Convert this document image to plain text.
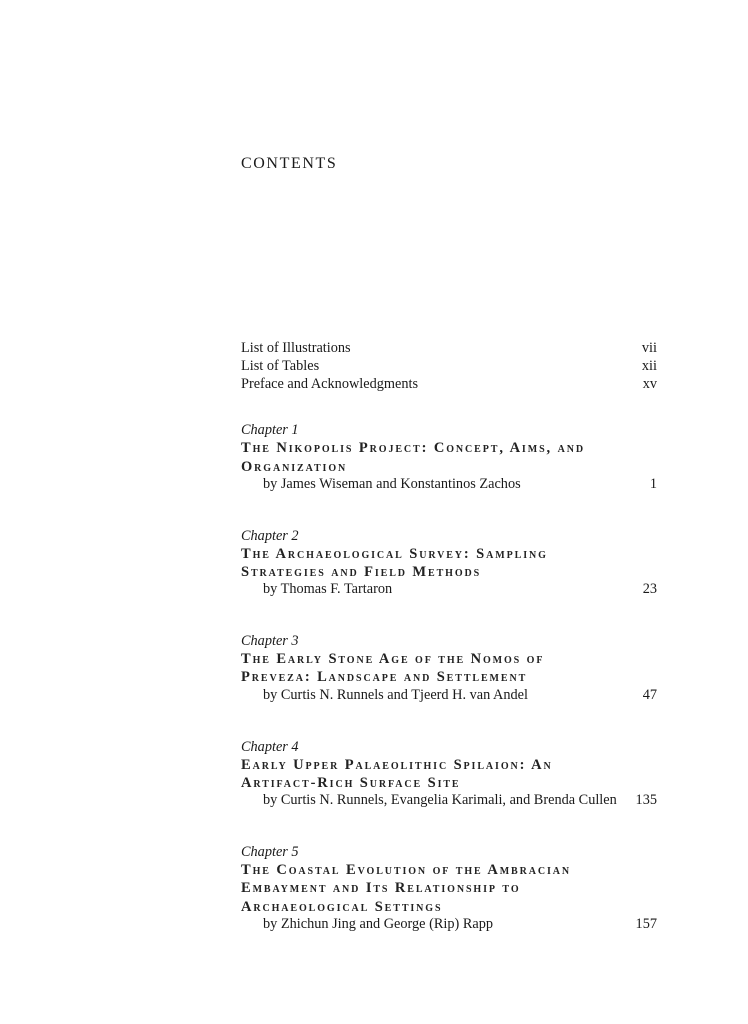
CONTENTS
List of Illustrations	vii
List of Tables	xii
Preface and Acknowledgments	xv
Chapter 1
The Nikopolis Project: Concept, Aims, and
Organization
by James Wiseman and Konstantinos Zachos	1
Chapter 2
The Archaeological Survey: Sampling
Strategies and Field Methods
by Thomas F. Tartaron	23
Chapter 3
The Early Stone Age of the Nomos of
Preveza: Landscape and Settlement
by Curtis N. Runnels and Tjeerd H. van Andel	47
Chapter 4
Early Upper Palaeolithic Spilaion: An
Artifact-Rich Surface Site
by Curtis N. Runnels, Evangelia Karimali, and Brenda Cullen	135
Chapter 5
The Coastal Evolution of the Ambracian
Embayment and Its Relationship to
Archaeological Settings
by Zhichun Jing and George (Rip) Rapp	157
